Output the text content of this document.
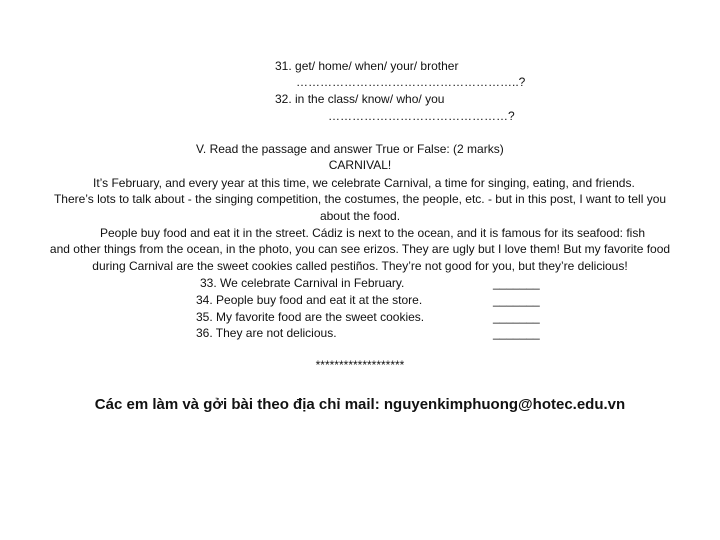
31. get/ home/ when/ your/ brother
………………………………………………..?
32. in the class/ know/ who/ you
………………………………………?
V. Read the passage and answer True or False: (2 marks)
CARNIVAL!
It’s February, and every year at this time, we celebrate Carnival, a time for singing, eating, and friends.
There’s lots to talk about - the singing competition, the costumes, the people, etc. - but in this post, I want to tell you
about the food.
People buy food and eat it in the street. Cádiz is next to the ocean, and it is famous for its seafood: fish
and other things from the ocean, in the photo, you can see erizos. They are ugly but I love them! But my favorite food
during Carnival are the sweet cookies called pestiños. They’re not good for you, but they’re delicious!
33. We celebrate Carnival in February.	_______
34. People buy food and eat it at the store.	_______
35. My favorite food are the sweet cookies.	_______
36. They are not delicious.	_______
*******************
Các em làm và gởi bài theo địa chỉ mail: nguyenkimphuong@hotec.edu.vn
